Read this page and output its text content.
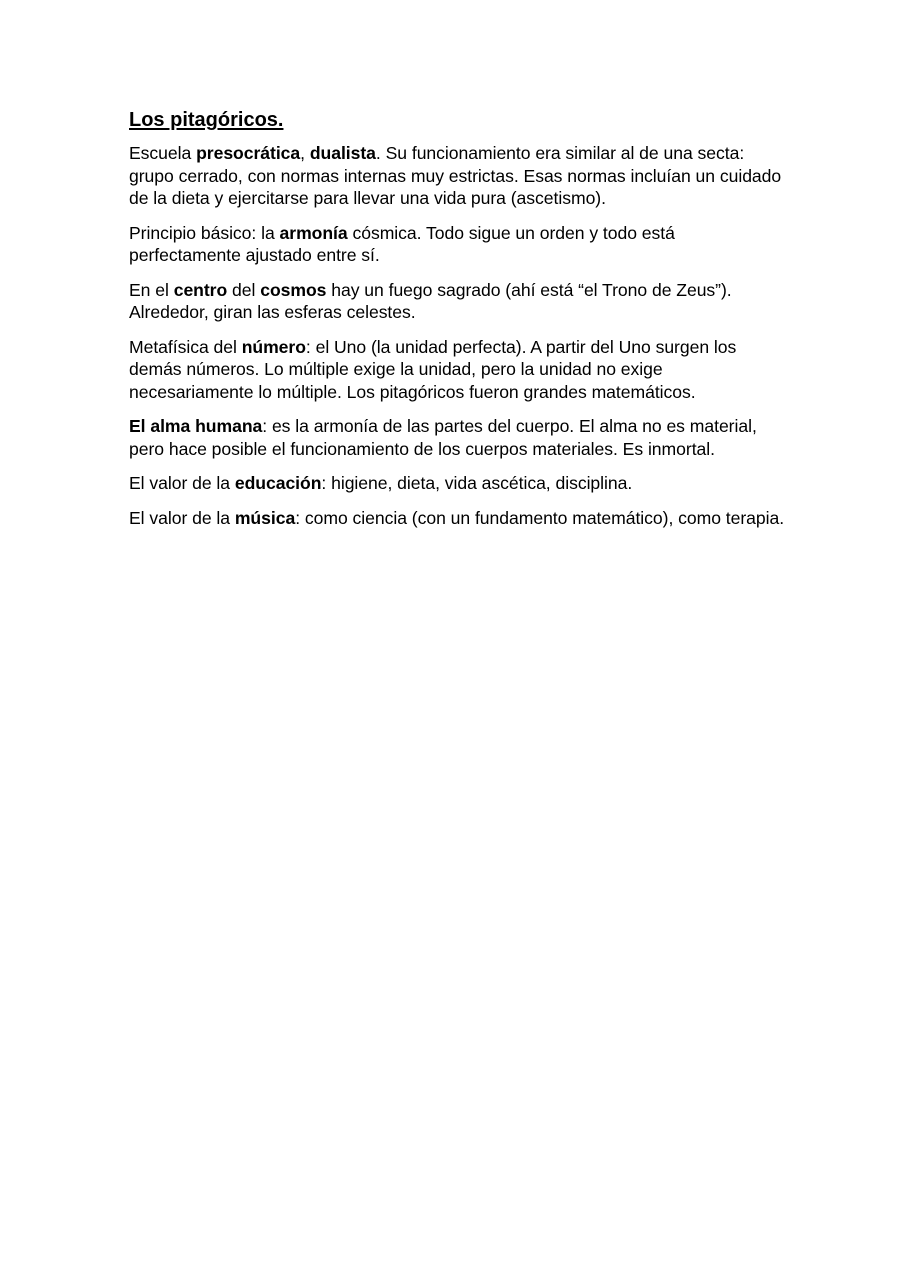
Los pitagóricos.

Escuela presocrática, dualista. Su funcionamiento era similar al de una secta: grupo cerrado, con normas internas muy estrictas. Esas normas incluían un cuidado de la dieta y ejercitarse para llevar una vida pura (ascetismo).

Principio básico: la armonía cósmica. Todo sigue un orden y todo está perfectamente ajustado entre sí.

En el centro del cosmos hay un fuego sagrado (ahí está “el Trono de Zeus”). Alrededor, giran las esferas celestes.

Metafísica del número: el Uno (la unidad perfecta). A partir del Uno surgen los demás números. Lo múltiple exige la unidad, pero la unidad no exige necesariamente lo múltiple. Los pitagóricos fueron grandes matemáticos.

El alma humana: es la armonía de las partes del cuerpo. El alma no es material, pero hace posible el funcionamiento de los cuerpos materiales. Es inmortal.

El valor de la educación: higiene, dieta, vida ascética, disciplina.

El valor de la música: como ciencia (con un fundamento matemático), como terapia.
